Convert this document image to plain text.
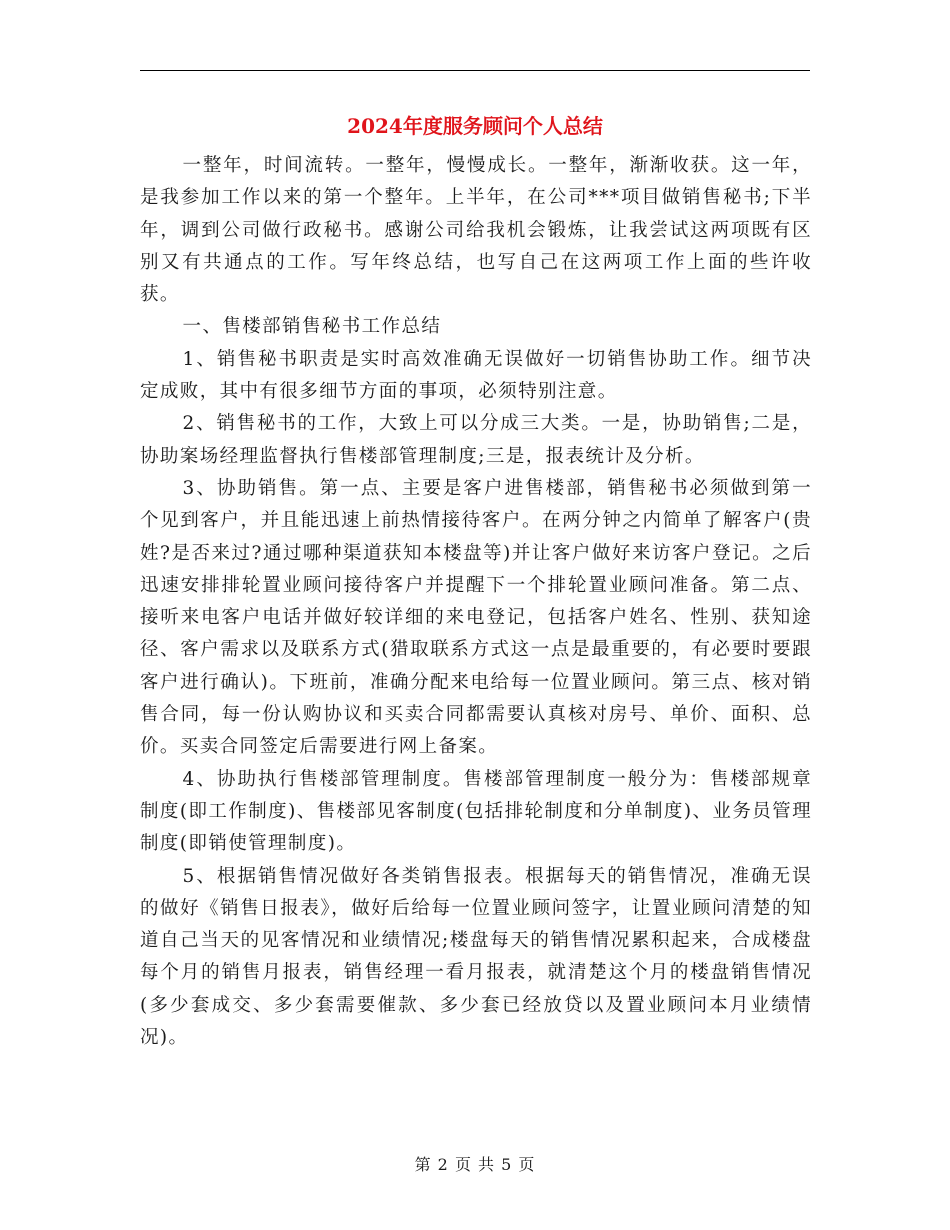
2024年度服务顾问个人总结

一整年，时间流转。一整年，慢慢成长。一整年，渐渐收获。这一年，是我参加工作以来的第一个整年。上半年，在公司***项目做销售秘书;下半年，调到公司做行政秘书。感谢公司给我机会锻炼，让我尝试这两项既有区别又有共通点的工作。写年终总结，也写自己在这两项工作上面的些许收获。

一、售楼部销售秘书工作总结

1、销售秘书职责是实时高效准确无误做好一切销售协助工作。细节决定成败，其中有很多细节方面的事项，必须特别注意。

2、销售秘书的工作，大致上可以分成三大类。一是，协助销售;二是，协助案场经理监督执行售楼部管理制度;三是，报表统计及分析。

3、协助销售。第一点、主要是客户进售楼部，销售秘书必须做到第一个见到客户，并且能迅速上前热情接待客户。在两分钟之内简单了解客户(贵姓?是否来过?通过哪种渠道获知本楼盘等)并让客户做好来访客户登记。之后迅速安排排轮置业顾问接待客户并提醒下一个排轮置业顾问准备。第二点、接听来电客户电话并做好较详细的来电登记，包括客户姓名、性别、获知途径、客户需求以及联系方式(猎取联系方式这一点是最重要的，有必要时要跟客户进行确认)。下班前，准确分配来电给每一位置业顾问。第三点、核对销售合同，每一份认购协议和买卖合同都需要认真核对房号、单价、面积、总价。买卖合同签定后需要进行网上备案。

4、协助执行售楼部管理制度。售楼部管理制度一般分为：售楼部规章制度(即工作制度)、售楼部见客制度(包括排轮制度和分单制度)、业务员管理制度(即销使管理制度)。

5、根据销售情况做好各类销售报表。根据每天的销售情况，准确无误的做好《销售日报表》，做好后给每一位置业顾问签字，让置业顾问清楚的知道自己当天的见客情况和业绩情况;楼盘每天的销售情况累积起来，合成楼盘每个月的销售月报表，销售经理一看月报表，就清楚这个月的楼盘销售情况(多少套成交、多少套需要催款、多少套已经放贷以及置业顾问本月业绩情况)。

第 2 页 共 5 页
